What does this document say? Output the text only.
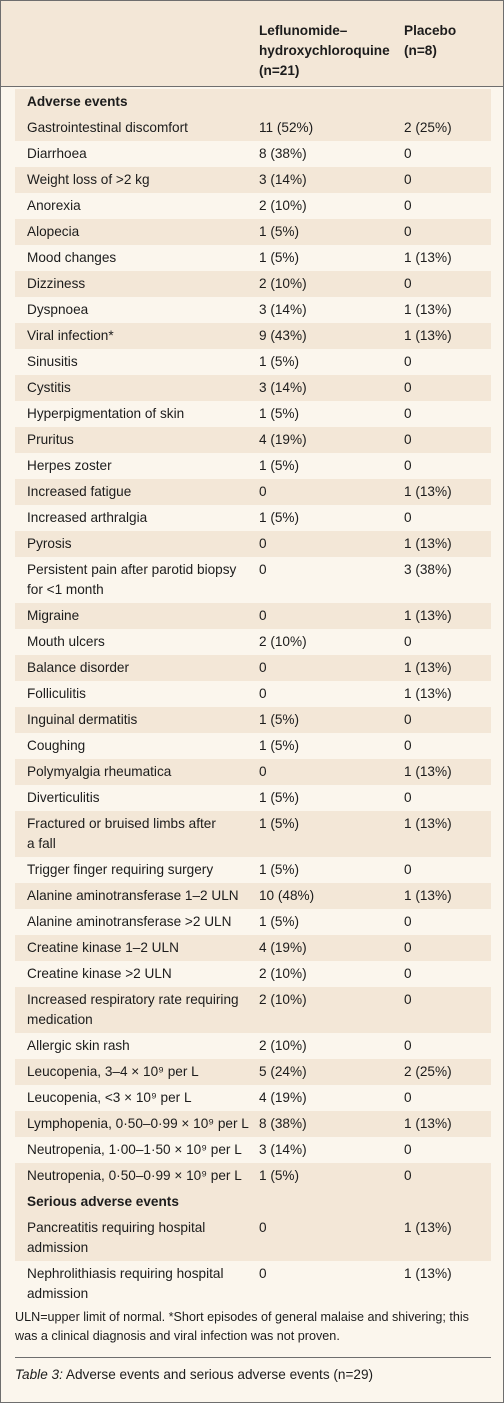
Leflunomide–
hydroxychloroquine
(n=21)
Placebo
(n=8)
Adverse events
Gastrointestinal discomfort	11 (52%)	2 (25%)
Diarrhoea	8 (38%)	0
Weight loss of >2 kg	3 (14%)	0
Anorexia	2 (10%)	0
Alopecia	1 (5%)	0
Mood changes	1 (5%)	1 (13%)
Dizziness	2 (10%)	0
Dyspnoea	3 (14%)	1 (13%)
Viral infection*	9 (43%)	1 (13%)
Sinusitis	1 (5%)	0
Cystitis	3 (14%)	0
Hyperpigmentation of skin	1 (5%)	0
Pruritus	4 (19%)	0
Herpes zoster	1 (5%)	0
Increased fatigue	0	1 (13%)
Increased arthralgia	1 (5%)	0
Pyrosis	0	1 (13%)
Persistent pain after parotid biopsy
for <1 month
0	3 (38%)
Migraine	0	1 (13%)
Mouth ulcers	2 (10%)	0
Balance disorder	0	1 (13%)
Folliculitis	0	1 (13%)
Inguinal dermatitis	1 (5%)	0
Coughing	1 (5%)	0
Polymyalgia rheumatica	0	1 (13%)
Diverticulitis	1 (5%)	0
Fractured or bruised limbs after
a fall
1 (5%)	1 (13%)
Trigger finger requiring surgery	1 (5%)	0
Alanine aminotransferase 1–2 ULN	10 (48%)	1 (13%)
Alanine aminotransferase >2 ULN	1 (5%)	0
Creatine kinase 1–2 ULN	4 (19%)	0
Creatine kinase >2 ULN	2 (10%)	0
Increased respiratory rate requiring
medication
2 (10%)	0
Allergic skin rash	2 (10%)	0
Leucopenia, 3–4 × 10⁹ per L	5 (24%)	2 (25%)
Leucopenia, <3 × 10⁹ per L	4 (19%)	0
Lymphopenia, 0·50–0·99 × 10⁹ per L 8 (38%)	1 (13%)
Neutropenia, 1·00–1·50 × 10⁹ per L	3 (14%)	0
Neutropenia, 0·50–0·99 × 10⁹ per L	1 (5%)	0
Serious adverse events
Pancreatitis requiring hospital
admission
0	1 (13%)
Nephrolithiasis requiring hospital
admission
0	1 (13%)
ULN=upper limit of normal. *Short episodes of general malaise and shivering; this was a clinical diagnosis and viral infection was not proven.
Table 3: Adverse events and serious adverse events (n=29)
